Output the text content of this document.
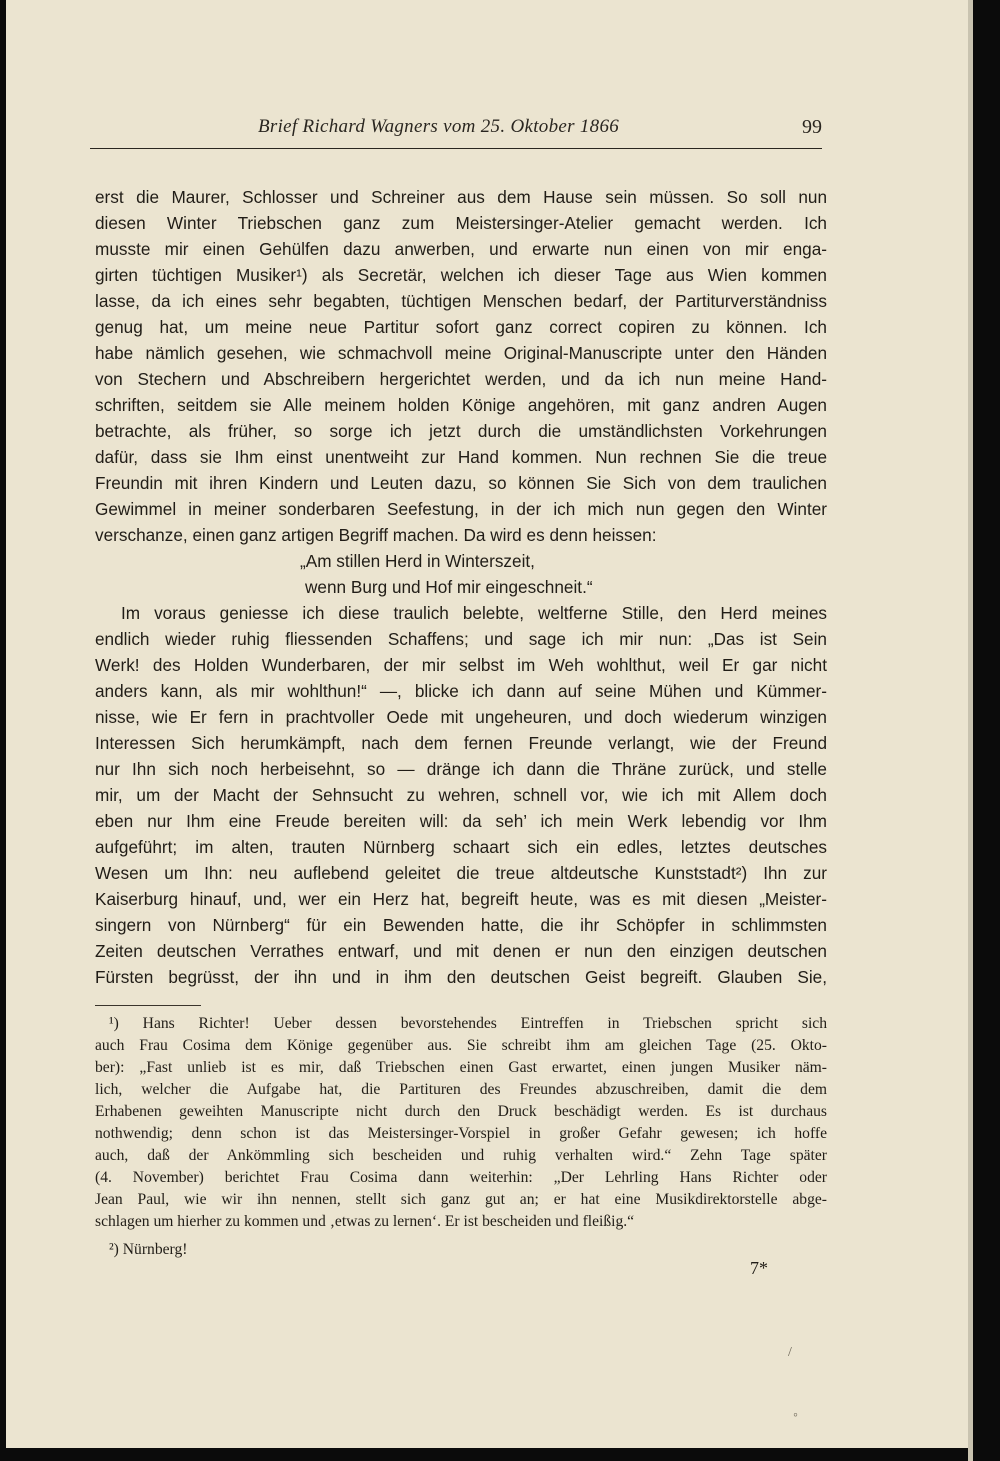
Brief Richard Wagners vom 25. Oktober 1866	99
erst die Maurer, Schlosser und Schreiner aus dem Hause sein müssen. So soll nun
diesen Winter Triebschen ganz zum Meistersinger-Atelier gemacht werden. Ich
musste mir einen Gehülfen dazu anwerben, und erwarte nun einen von mir enga-
girten tüchtigen Musiker¹) als Secretär, welchen ich dieser Tage aus Wien kommen
lasse, da ich eines sehr begabten, tüchtigen Menschen bedarf, der Partiturverständniss
genug hat, um meine neue Partitur sofort ganz correct copiren zu können. Ich
habe nämlich gesehen, wie schmachvoll meine Original-Manuscripte unter den Händen
von Stechern und Abschreibern hergerichtet werden, und da ich nun meine Hand-
schriften, seitdem sie Alle meinem holden Könige angehören, mit ganz andren Augen
betrachte, als früher, so sorge ich jetzt durch die umständlichsten Vorkehrungen
dafür, dass sie Ihm einst unentweiht zur Hand kommen. Nun rechnen Sie die treue
Freundin mit ihren Kindern und Leuten dazu, so können Sie Sich von dem traulichen
Gewimmel in meiner sonderbaren Seefestung, in der ich mich nun gegen den Winter
verschanze, einen ganz artigen Begriff machen. Da wird es denn heissen:
„Am stillen Herd in Winterszeit,
wenn Burg und Hof mir eingeschneit.“
Im voraus geniesse ich diese traulich belebte, weltferne Stille, den Herd meines
endlich wieder ruhig fliessenden Schaffens; und sage ich mir nun: „Das ist Sein
Werk! des Holden Wunderbaren, der mir selbst im Weh wohlthut, weil Er gar nicht
anders kann, als mir wohlthun!“ —, blicke ich dann auf seine Mühen und Kümmer-
nisse, wie Er fern in prachtvoller Oede mit ungeheuren, und doch wiederum winzigen
Interessen Sich herumkämpft, nach dem fernen Freunde verlangt, wie der Freund
nur Ihn sich noch herbeisehnt, so — dränge ich dann die Thräne zurück, und stelle
mir, um der Macht der Sehnsucht zu wehren, schnell vor, wie ich mit Allem doch
eben nur Ihm eine Freude bereiten will: da seh’ ich mein Werk lebendig vor Ihm
aufgeführt; im alten, trauten Nürnberg schaart sich ein edles, letztes deutsches
Wesen um Ihn: neu auflebend geleitet die treue altdeutsche Kunststadt²) Ihn zur
Kaiserburg hinauf, und, wer ein Herz hat, begreift heute, was es mit diesen „Meister-
singern von Nürnberg“ für ein Bewenden hatte, die ihr Schöpfer in schlimmsten
Zeiten deutschen Verrathes entwarf, und mit denen er nun den einzigen deutschen
Fürsten begrüsst, der ihn und in ihm den deutschen Geist begreift. Glauben Sie,
¹) Hans Richter! Ueber dessen bevorstehendes Eintreffen in Triebschen spricht sich
auch Frau Cosima dem Könige gegenüber aus. Sie schreibt ihm am gleichen Tage (25. Okto-
ber): „Fast unlieb ist es mir, daß Triebschen einen Gast erwartet, einen jungen Musiker näm-
lich, welcher die Aufgabe hat, die Partituren des Freundes abzuschreiben, damit die dem
Erhabenen geweihten Manuscripte nicht durch den Druck beschädigt werden. Es ist durchaus
nothwendig; denn schon ist das Meistersinger-Vorspiel in großer Gefahr gewesen; ich hoffe
auch, daß der Ankömmling sich bescheiden und ruhig verhalten wird.“ Zehn Tage später
(4. November) berichtet Frau Cosima dann weiterhin: „Der Lehrling Hans Richter oder
Jean Paul, wie wir ihn nennen, stellt sich ganz gut an; er hat eine Musikdirektorstelle abge-
schlagen um hierher zu kommen und ‚etwas zu lernen‘. Er ist bescheiden und fleißig.“
²) Nürnberg!
7*
/
◦
